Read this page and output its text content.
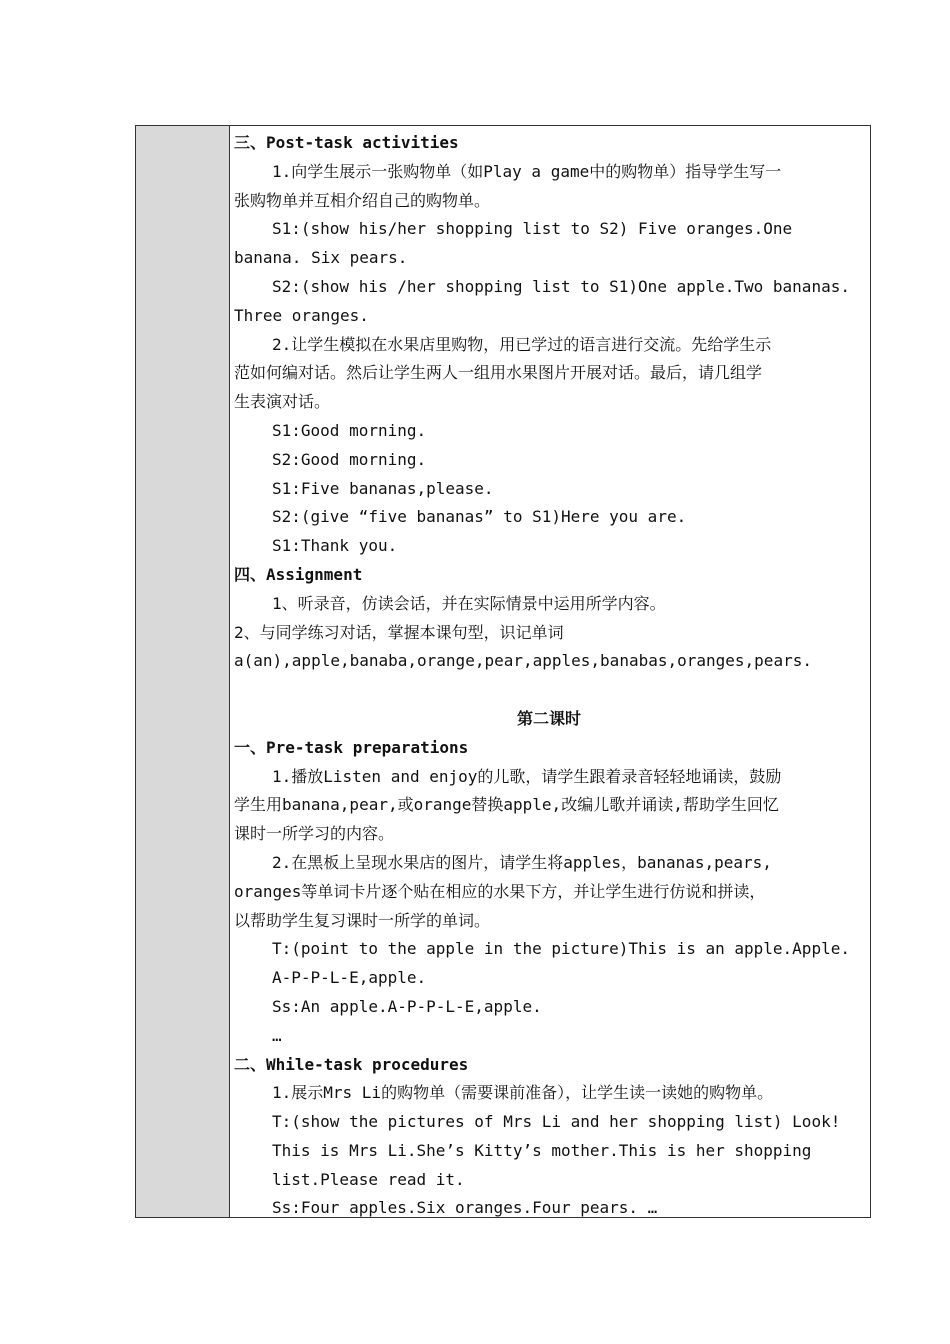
三、Post-task activities
1.向学生展示一张购物单（如Play a game中的购物单）指导学生写一
张购物单并互相介绍自己的购物单。
S1:(show his/her shopping list to S2) Five oranges.One
banana. Six pears.
S2:(show his /her shopping list to S1)One apple.Two bananas.
Three oranges.
2.让学生模拟在水果店里购物，用已学过的语言进行交流。先给学生示
范如何编对话。然后让学生两人一组用水果图片开展对话。最后，请几组学
生表演对话。
S1:Good morning.
S2:Good morning.
S1:Five bananas,please.
S2:(give “five bananas” to S1)Here you are.
S1:Thank you.
四、Assignment
1、听录音，仿读会话，并在实际情景中运用所学内容。
2、与同学练习对话，掌握本课句型，识记单词
a(an),apple,banaba,orange,pear,apples,banabas,oranges,pears.
第二课时
一、Pre-task preparations
1.播放Listen and enjoy的儿歌，请学生跟着录音轻轻地诵读，鼓励
学生用banana,pear,或orange替换apple,改编儿歌并诵读,帮助学生回忆
课时一所学习的内容。
2.在黑板上呈现水果店的图片，请学生将apples，bananas,pears,
oranges等单词卡片逐个贴在相应的水果下方，并让学生进行仿说和拼读，
以帮助学生复习课时一所学的单词。
T:(point to the apple in the picture)This is an apple.Apple.
A-P-P-L-E,apple.
Ss:An apple.A-P-P-L-E,apple.
…
二、While-task procedures
1.展示Mrs Li的购物单（需要课前准备），让学生读一读她的购物单。
T:(show the pictures of Mrs Li and her shopping list) Look!
This is Mrs Li.She’s Kitty’s mother.This is her shopping
list.Please read it.
Ss:Four apples.Six oranges.Four pears. …
